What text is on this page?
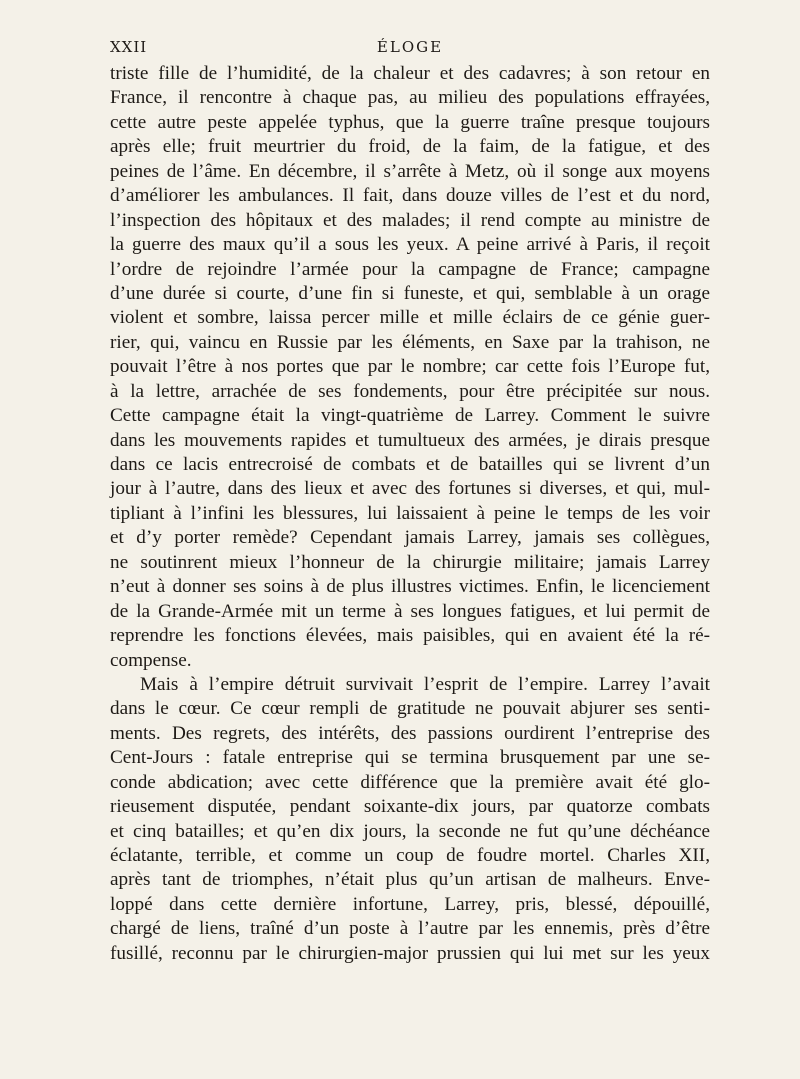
XXII	ÉLOGE
triste fille de l’humidité, de la chaleur et des cadavres; à son retour en
France, il rencontre à chaque pas, au milieu des populations effrayées,
cette autre peste appelée typhus, que la guerre traîne presque toujours
après elle; fruit meurtrier du froid, de la faim, de la fatigue, et des
peines de l’âme. En décembre, il s’arrête à Metz, où il songe aux moyens
d’améliorer les ambulances. Il fait, dans douze villes de l’est et du nord,
l’inspection des hôpitaux et des malades; il rend compte au ministre de
la guerre des maux qu’il a sous les yeux. A peine arrivé à Paris, il reçoit
l’ordre de rejoindre l’armée pour la campagne de France; campagne
d’une durée si courte, d’une fin si funeste, et qui, semblable à un orage
violent et sombre, laissa percer mille et mille éclairs de ce génie guer-
rier, qui, vaincu en Russie par les éléments, en Saxe par la trahison, ne
pouvait l’être à nos portes que par le nombre; car cette fois l’Europe fut,
à la lettre, arrachée de ses fondements, pour être précipitée sur nous.
Cette campagne était la vingt-quatrième de Larrey. Comment le suivre
dans les mouvements rapides et tumultueux des armées, je dirais presque
dans ce lacis entrecroisé de combats et de batailles qui se livrent d’un
jour à l’autre, dans des lieux et avec des fortunes si diverses, et qui, mul-
tipliant à l’infini les blessures, lui laissaient à peine le temps de les voir
et d’y porter remède? Cependant jamais Larrey, jamais ses collègues,
ne soutinrent mieux l’honneur de la chirurgie militaire; jamais Larrey
n’eut à donner ses soins à de plus illustres victimes. Enfin, le licenciement
de la Grande-Armée mit un terme à ses longues fatigues, et lui permit de
reprendre les fonctions élevées, mais paisibles, qui en avaient été la ré-
compense.
Mais à l’empire détruit survivait l’esprit de l’empire. Larrey l’avait
dans le cœur. Ce cœur rempli de gratitude ne pouvait abjurer ses senti-
ments. Des regrets, des intérêts, des passions ourdirent l’entreprise des
Cent-Jours : fatale entreprise qui se termina brusquement par une se-
conde abdication; avec cette différence que la première avait été glo-
rieusement disputée, pendant soixante-dix jours, par quatorze combats
et cinq batailles; et qu’en dix jours, la seconde ne fut qu’une déchéance
éclatante, terrible, et comme un coup de foudre mortel. Charles XII,
après tant de triomphes, n’était plus qu’un artisan de malheurs. Enve-
loppé dans cette dernière infortune, Larrey, pris, blessé, dépouillé,
chargé de liens, traîné d’un poste à l’autre par les ennemis, près d’être
fusillé, reconnu par le chirurgien-major prussien qui lui met sur les yeux
